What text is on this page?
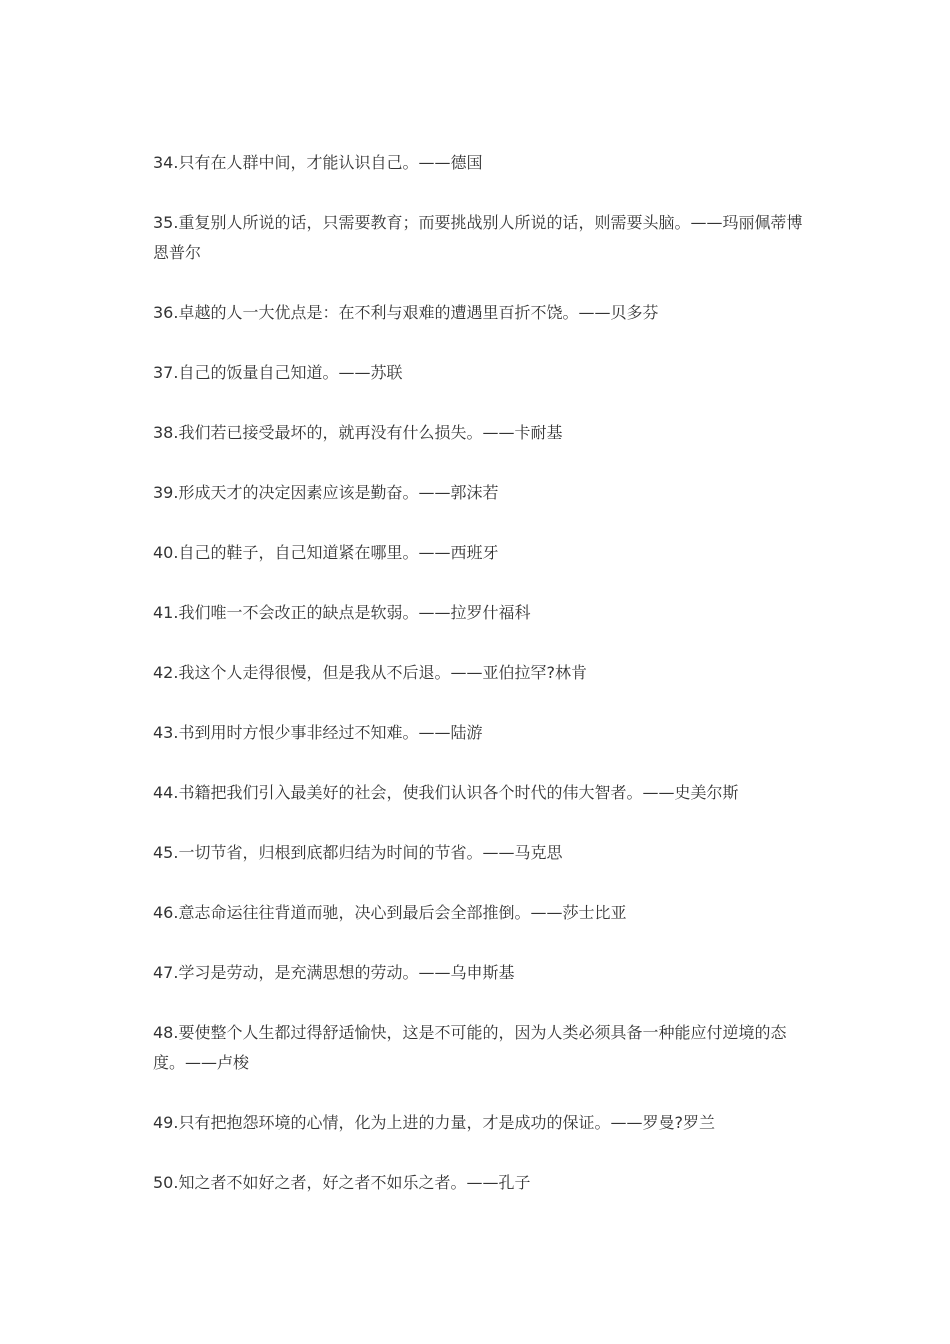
34.只有在人群中间，才能认识自己。——德国
35.重复别人所说的话，只需要教育；而要挑战别人所说的话，则需要头脑。——玛丽佩蒂博恩普尔
36.卓越的人一大优点是：在不利与艰难的遭遇里百折不饶。——贝多芬
37.自己的饭量自己知道。——苏联
38.我们若已接受最坏的，就再没有什么损失。——卡耐基
39.形成天才的决定因素应该是勤奋。——郭沫若
40.自己的鞋子，自己知道紧在哪里。——西班牙
41.我们唯一不会改正的缺点是软弱。——拉罗什福科
42.我这个人走得很慢，但是我从不后退。——亚伯拉罕?林肯
43.书到用时方恨少事非经过不知难。——陆游
44.书籍把我们引入最美好的社会，使我们认识各个时代的伟大智者。——史美尔斯
45.一切节省，归根到底都归结为时间的节省。——马克思
46.意志命运往往背道而驰，决心到最后会全部推倒。——莎士比亚
47.学习是劳动，是充满思想的劳动。——乌申斯基
48.要使整个人生都过得舒适愉快，这是不可能的，因为人类必须具备一种能应付逆境的态度。——卢梭
49.只有把抱怨环境的心情，化为上进的力量，才是成功的保证。——罗曼?罗兰
50.知之者不如好之者，好之者不如乐之者。——孔子
